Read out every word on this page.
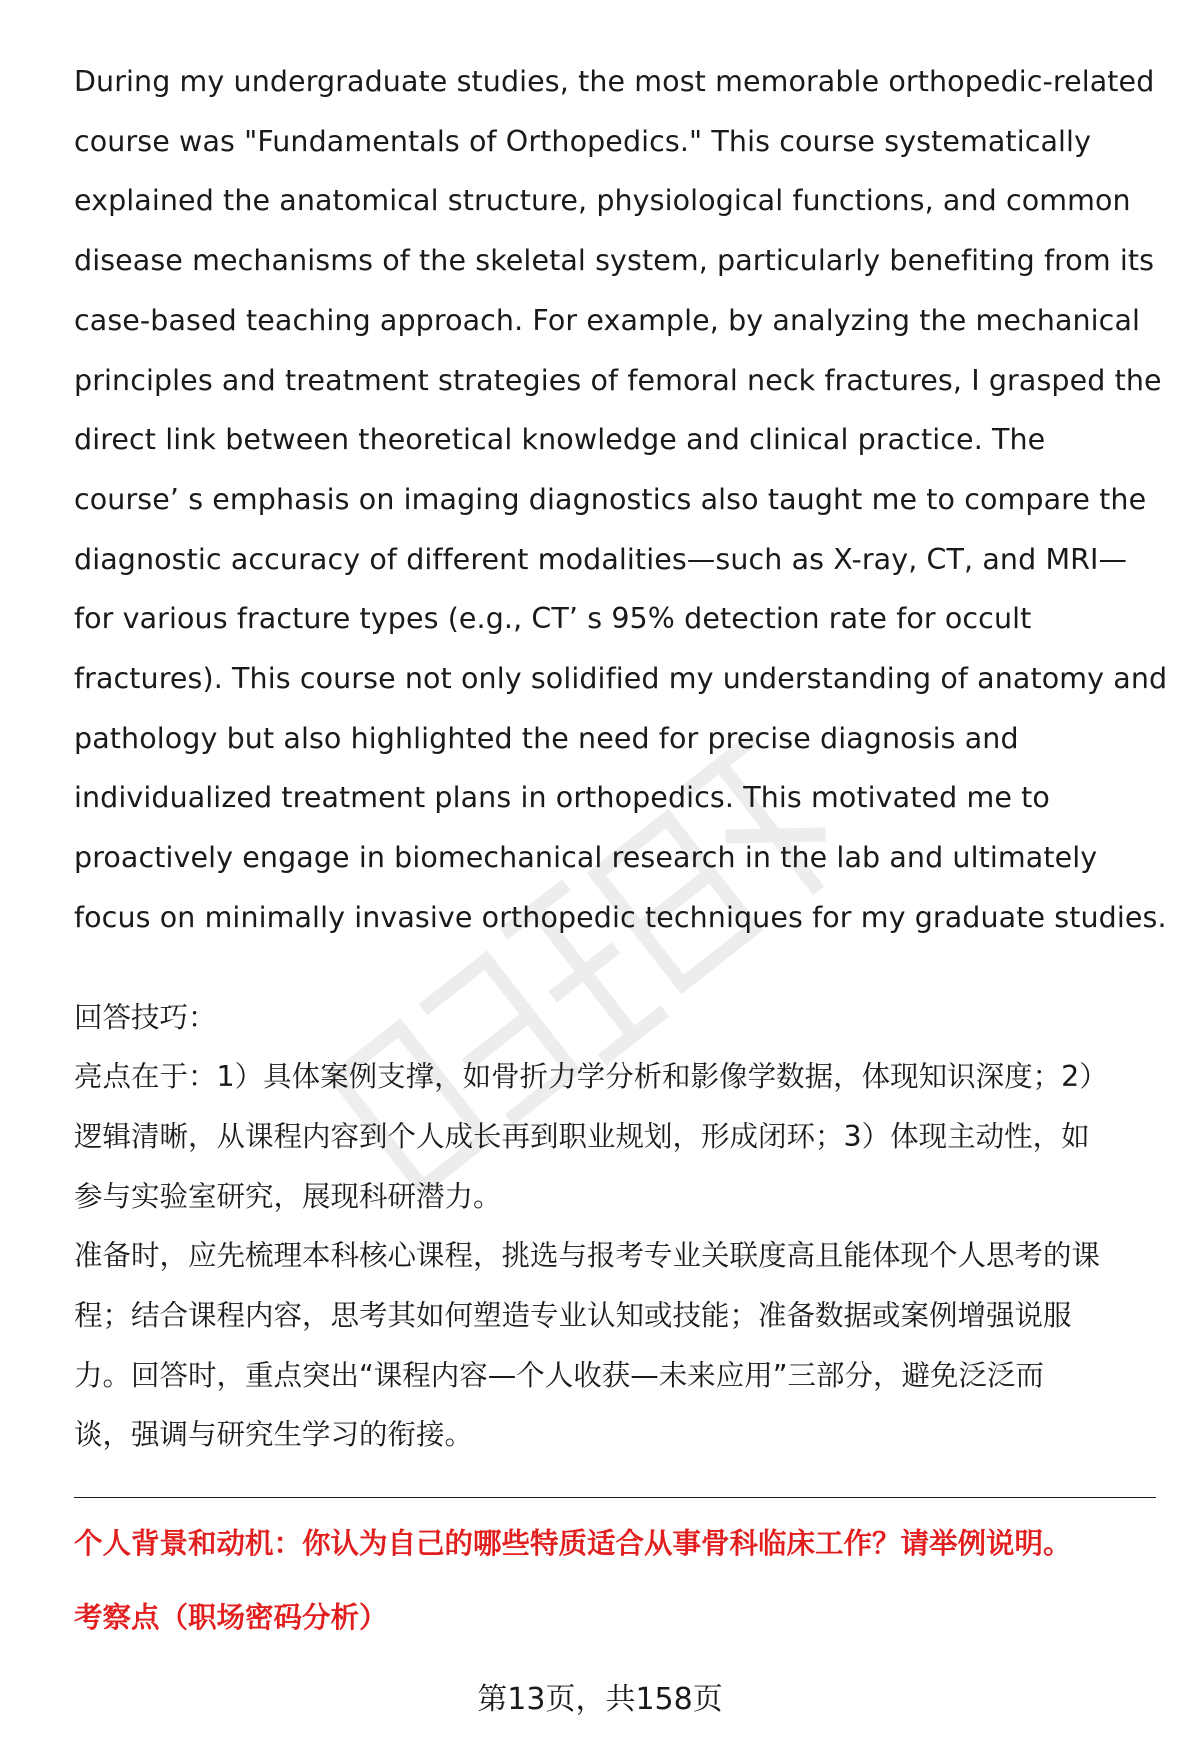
During my undergraduate studies, the most memorable orthopedic-related
course was "Fundamentals of Orthopedics." This course systematically
explained the anatomical structure, physiological functions, and common
disease mechanisms of the skeletal system, particularly benefiting from its
case-based teaching approach. For example, by analyzing the mechanical
principles and treatment strategies of femoral neck fractures, I grasped the
direct link between theoretical knowledge and clinical practice. The
course’ s emphasis on imaging diagnostics also taught me to compare the
diagnostic accuracy of different modalities—such as X-ray, CT, and MRI—
for various fracture types (e.g., CT’ s 95% detection rate for occult
fractures). This course not only solidified my understanding of anatomy and
pathology but also highlighted the need for precise diagnosis and
individualized treatment plans in orthopedics. This motivated me to
proactively engage in biomechanical research in the lab and ultimately
focus on minimally invasive orthopedic techniques for my graduate studies.

回答技巧：

亮点在于：1）具体案例支撑，如骨折力学分析和影像学数据，体现知识深度；2）
逻辑清晰，从课程内容到个人成长再到职业规划，形成闭环；3）体现主动性，如
参与实验室研究，展现科研潜力。
准备时，应先梳理本科核心课程，挑选与报考专业关联度高且能体现个人思考的课
程；结合课程内容，思考其如何塑造专业认知或技能；准备数据或案例增强说服
力。回答时，重点突出“课程内容—个人收获—未来应用”三部分，避免泛泛而
谈，强调与研究生学习的衔接。

个人背景和动机：你认为自己的哪些特质适合从事骨科临床工作？请举例说明。

考察点（职场密码分析）

第13页，共158页
